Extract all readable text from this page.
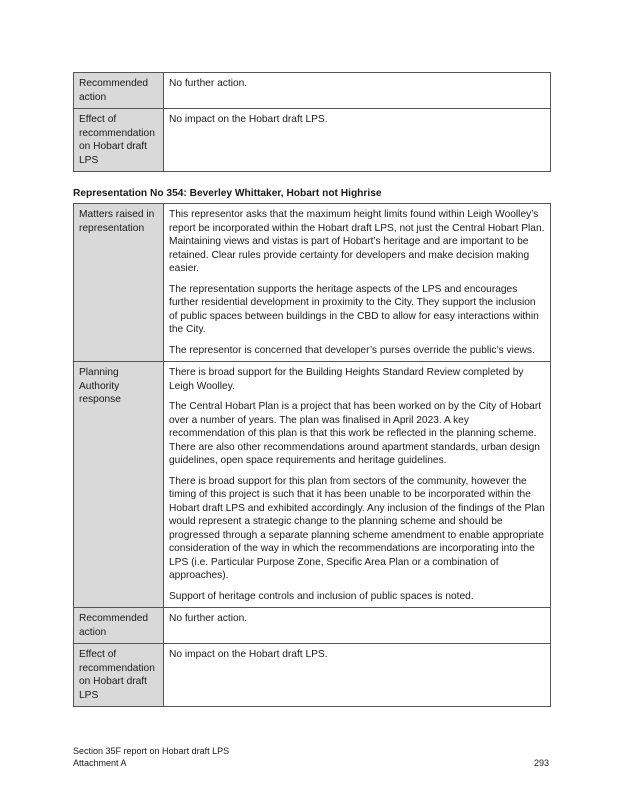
Recommended action	No further action.

Effect of recommendation on Hobart draft LPS	No impact on the Hobart draft LPS.

Representation No 354: Beverley Whittaker, Hobart not Highrise

Matters raised in representation	This representor asks that the maximum height limits found within Leigh Woolley’s report be incorporated within the Hobart draft LPS, not just the Central Hobart Plan. Maintaining views and vistas is part of Hobart’s heritage and are important to be retained. Clear rules provide certainty for developers and make decision making easier.

The representation supports the heritage aspects of the LPS and encourages further residential development in proximity to the City. They support the inclusion of public spaces between buildings in the CBD to allow for easy interactions within the City.

The representor is concerned that developer’s purses override the public’s views.

Planning Authority response	There is broad support for the Building Heights Standard Review completed by Leigh Woolley.

The Central Hobart Plan is a project that has been worked on by the City of Hobart over a number of years. The plan was finalised in April 2023. A key recommendation of this plan is that this work be reflected in the planning scheme. There are also other recommendations around apartment standards, urban design guidelines, open space requirements and heritage guidelines.

There is broad support for this plan from sectors of the community, however the timing of this project is such that it has been unable to be incorporated within the Hobart draft LPS and exhibited accordingly. Any inclusion of the findings of the Plan would represent a strategic change to the planning scheme and should be progressed through a separate planning scheme amendment to enable appropriate consideration of the way in which the recommendations are incorporating into the LPS (i.e. Particular Purpose Zone, Specific Area Plan or a combination of approaches).

Support of heritage controls and inclusion of public spaces is noted.

Recommended action	No further action.

Effect of recommendation on Hobart draft LPS	No impact on the Hobart draft LPS.

Section 35F report on Hobart draft LPS
Attachment A	293
